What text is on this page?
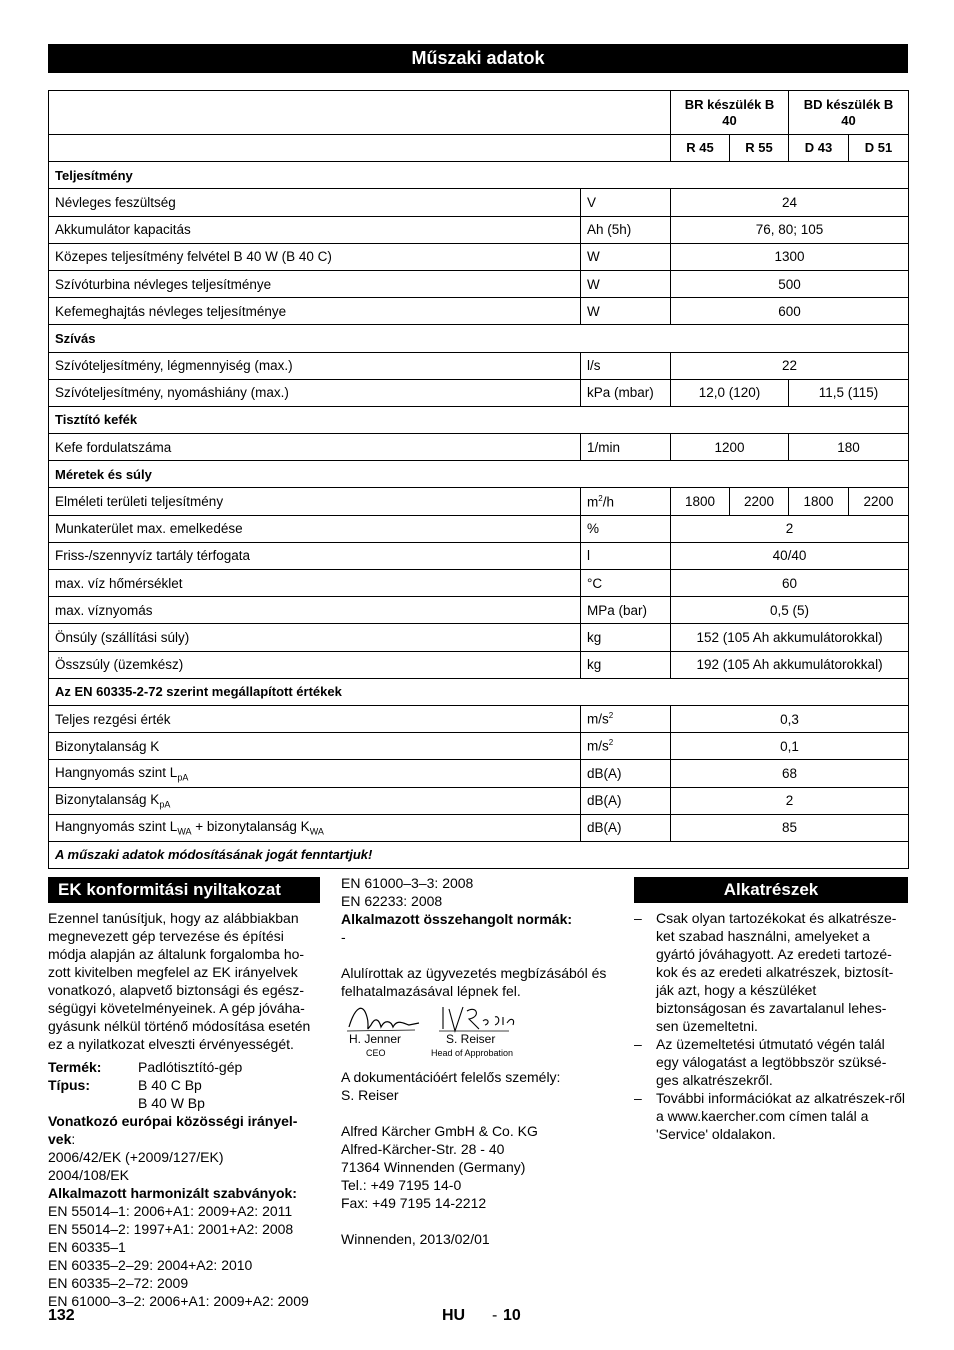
Műszaki adatok
		BR készülék B 40		BD készülék B 40	
		R 45	R 55	D 43	D 51
Teljesítmény					
Névleges feszültség	V	24			
Akkumulátor kapacitás	Ah (5h)	76, 80; 105			
Közepes teljesítmény felvétel B 40 W (B 40 C)	W	1300			
Szívóturbina névleges teljesítménye	W	500			
Kefemeghajtás névleges teljesítménye	W	600			
Szívás					
Szívóteljesítmény, légmennyiség (max.)	l/s	22			
Szívóteljesítmény, nyomáshiány (max.)	kPa (mbar)	12,0 (120)		11,5 (115)	
Tisztító kefék					
Kefe fordulatszáma	1/min	1200		180	
Méretek és súly					
Elméleti területi teljesítmény	$m^2/h$	1800	2200	1800	2200
Munkaterület max. emelkedése	%	2			
Friss-/szennyvíz tartály térfogata	l	40/40			
max. víz hőmérséklet	°C	60			
max. víznyomás	MPa (bar)	0,5 (5)			
Önsúly (szállítási súly)	kg	152 (105 Ah akkumulátorokkal)			
Összsúly (üzemkész)	kg	192 (105 Ah akkumulátorokkal)			
Az EN 60335-2-72 szerint megállapított értékek					
Teljes rezgési érték	$m/s^2$	0,3			
Bizonytalanság K	$m/s^2$	0,1			
Hangnyomás szint $L_{pA}$	dB(A)	68			
Bizonytalanság $K_{pA}$	dB(A)	2			
Hangnyomás szint $L_{WA}$ + bizonytalanság $K_{WA}$	dB(A)	85			
A műszaki adatok módosításának jogát fenntartjuk!					
EK konformitási nyiltakozat
Ezennel tanúsítjuk, hogy az alábbiakban megnevezett gép tervezése és építési módja alapján az általunk forgalomba ho-zott kivitelben megfelel az EK irányelvek vonatkozó, alapvető biztonsági és egész-ségügyi követelményeinek. A gép jóváha-gyásunk nélkül történő módosítása esetén ez a nyilatkozat elveszti érvényességét.
Termék:	Padlótisztító-gép
Típus:	B 40 C Bp
B 40 W Bp
Vonatkozó európai közösségi irányel-vek:
2006/42/EK (+2009/127/EK)
2004/108/EK
Alkalmazott harmonizált szabványok:
EN 55014–1: 2006+A1: 2009+A2: 2011
EN 55014–2: 1997+A1: 2001+A2: 2008
EN 60335–1
EN 60335–2–29: 2004+A2: 2010
EN 60335–2–72: 2009
EN 61000–3–2: 2006+A1: 2009+A2: 2009
EN 61000–3–3: 2008
EN 62233: 2008
Alkalmazott összehangolt normák:
-
Alulírottak az ügyvezetés megbízásából és felhatalmazásával lépnek fel.
H. Jenner
CEO
S. Reiser
Head of Approbation
A dokumentációért felelős személy:
S. Reiser
Alfred Kärcher GmbH & Co. KG
Alfred-Kärcher-Str. 28 - 40
71364 Winnenden (Germany)
Tel.: +49 7195 14-0
Fax: +49 7195 14-2212
Winnenden, 2013/02/01
Alkatrészek
– Csak olyan tartozékokat és alkatrésze-ket szabad használni, amelyeket a gyártó jóváhagyott. Az eredeti tartozé-kok és az eredeti alkatrészek, biztosít-ják azt, hogy a készüléket biztonságosan és zavartalanul lehes-sen üzemeltetni.
– Az üzemeltetési útmutató végén talál egy válogatást a legtöbbször szüksé-ges alkatrészekről.
– További információkat az alkatrészek-ről a www.kaercher.com címen talál a 'Service' oldalakon.
132	HU - 10
